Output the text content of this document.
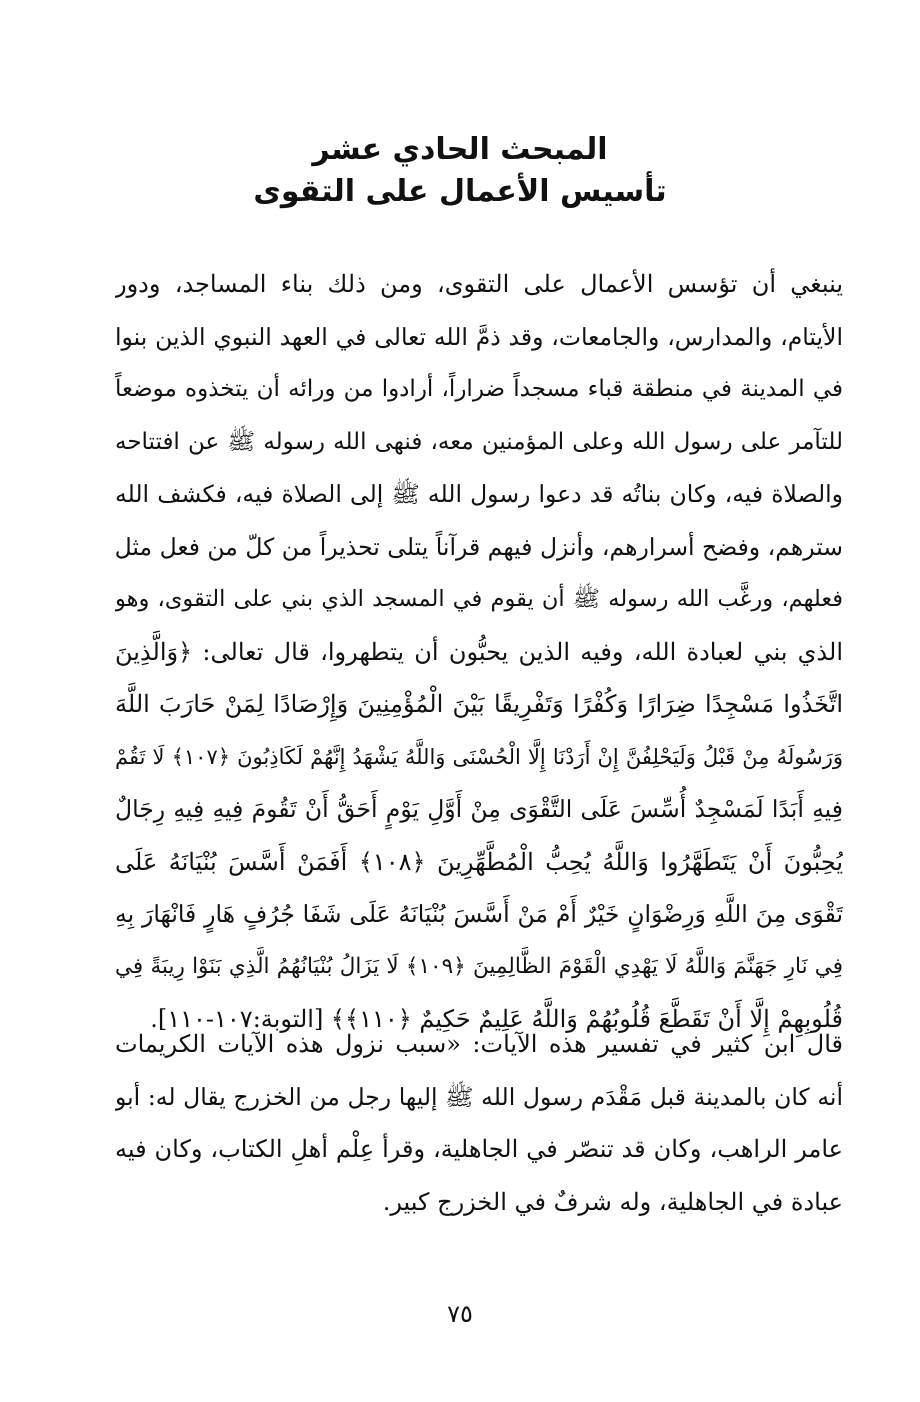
المبحث الحادي عشر
تأسيس الأعمال على التقوى
ينبغي أن تؤسس الأعمال على التقوى، ومن ذلك بناء المساجد، ودور
الأيتام، والمدارس، والجامعات، وقد ذمَّ الله تعالى في العهد النبوي الذين بنوا
في المدينة في منطقة قباء مسجداً ضراراً، أرادوا من ورائه أن يتخذوه موضعاً
للتآمر على رسول الله وعلى المؤمنين معه، فنهى الله رسوله ﷺ عن افتتاحه
والصلاة فيه، وكان بناتُه قد دعوا رسول الله ﷺ إلى الصلاة فيه، فكشف الله
سترهم، وفضح أسرارهم، وأنزل فيهم قرآناً يتلى تحذيراً من كلّ من فعل مثل
فعلهم، ورغَّب الله رسوله ﷺ أن يقوم في المسجد الذي بني على التقوى، وهو
الذي بني لعبادة الله، وفيه الذين يحبُّون أن يتطهروا، قال تعالى: ﴿وَالَّذِينَ
اتَّخَذُوا مَسْجِدًا ضِرَارًا وَكُفْرًا وَتَفْرِيقًا بَيْنَ الْمُؤْمِنِينَ وَإِرْصَادًا لِمَنْ حَارَبَ اللَّهَ
وَرَسُولَهُ مِنْ قَبْلُ وَلَيَحْلِفُنَّ إِنْ أَرَدْنَا إِلَّا الْحُسْنَى وَاللَّهُ يَشْهَدُ إِنَّهُمْ لَكَاذِبُونَ ﴿١٠٧﴾ لَا تَقُمْ
فِيهِ أَبَدًا لَمَسْجِدٌ أُسِّسَ عَلَى التَّقْوَى مِنْ أَوَّلِ يَوْمٍ أَحَقُّ أَنْ تَقُومَ فِيهِ فِيهِ رِجَالٌ
يُحِبُّونَ أَنْ يَتَطَهَّرُوا وَاللَّهُ يُحِبُّ الْمُطَّهِّرِينَ ﴿١٠٨﴾ أَفَمَنْ أَسَّسَ بُنْيَانَهُ عَلَى
تَقْوَى مِنَ اللَّهِ وَرِضْوَانٍ خَيْرٌ أَمْ مَنْ أَسَّسَ بُنْيَانَهُ عَلَى شَفَا جُرُفٍ هَارٍ فَانْهَارَ بِهِ
فِي نَارِ جَهَنَّمَ وَاللَّهُ لَا يَهْدِي الْقَوْمَ الظَّالِمِينَ ﴿١٠٩﴾ لَا يَزَالُ بُنْيَانُهُمُ الَّذِي بَنَوْا رِيبَةً فِي
قُلُوبِهِمْ إِلَّا أَنْ تَقَطَّعَ قُلُوبُهُمْ وَاللَّهُ عَلِيمٌ حَكِيمٌ ﴿١١٠﴾﴾ [التوبة:١٠٧-١١٠].
قال ابن كثير في تفسير هذه الآيات: «سبب نزول هذه الآيات الكريمات
أنه كان بالمدينة قبل مَقْدَم رسول الله ﷺ إليها رجل من الخزرج يقال له: أبو
عامر الراهب، وكان قد تنصّر في الجاهلية، وقرأ عِلْم أهلِ الكتاب، وكان فيه
عبادة في الجاهلية، وله شرفٌ في الخزرج كبير.
٧٥
